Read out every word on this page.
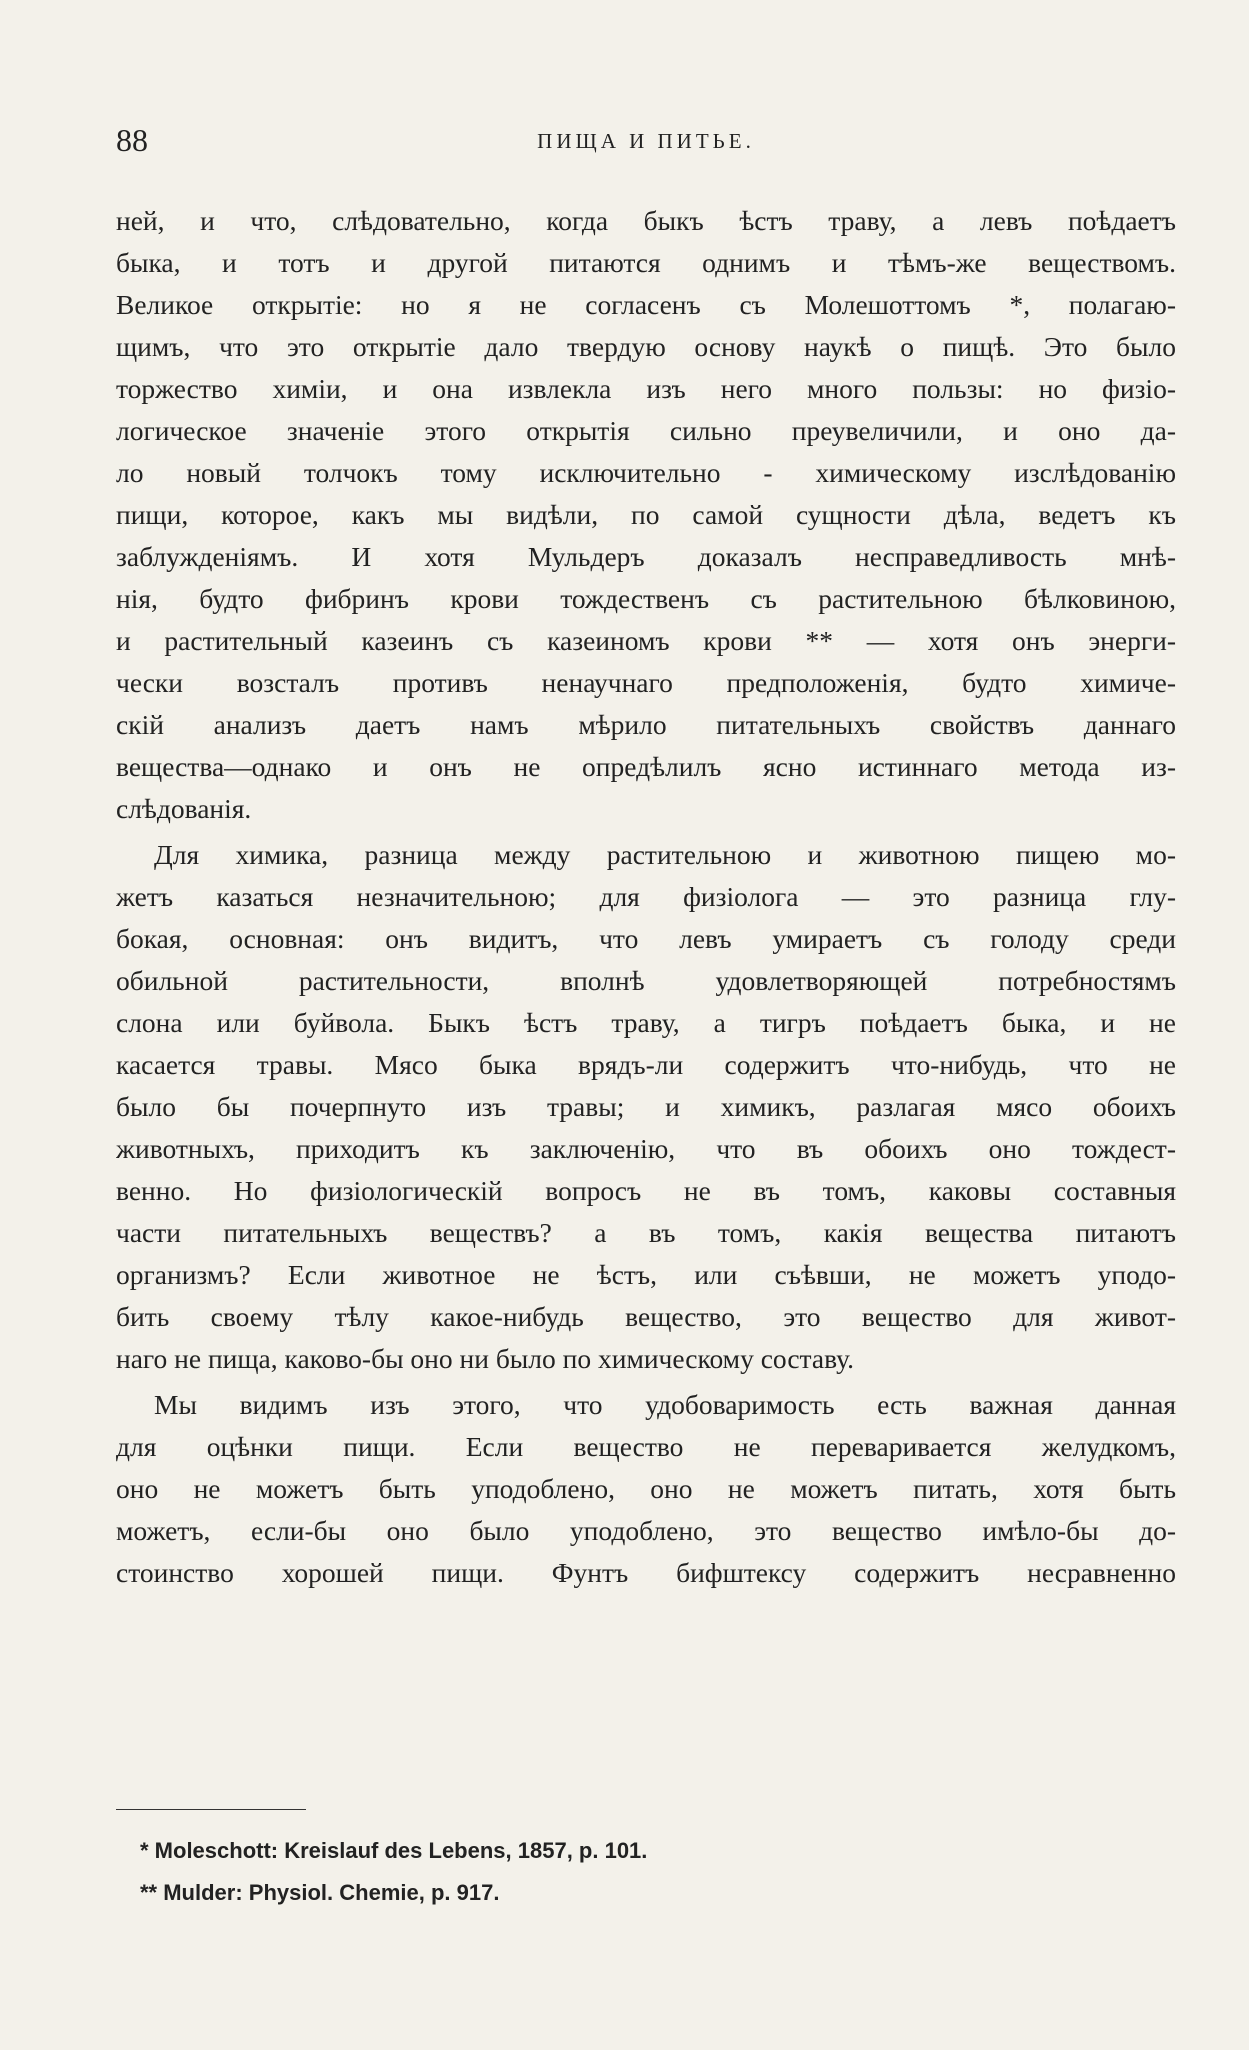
88	ПИЩА И ПИТЬЕ.
ней, и что, слѣдовательно, когда быкъ ѣстъ траву, а левъ поѣдаетъ
быка, и тотъ и другой питаются однимъ и тѣмъ-же веществомъ.
Великое открытіе: но я не согласенъ съ Молешоттомъ *, полагаю-
щимъ, что это открытіе дало твердую основу наукѣ о пищѣ. Это было
торжество химіи, и она извлекла изъ него много пользы: но физіо-
логическое значеніе этого открытія сильно преувеличили, и оно да-
ло новый толчокъ тому исключительно - химическому изслѣдованію
пищи, которое, какъ мы видѣли, по самой сущности дѣла, ведетъ къ
заблужденіямъ. И хотя Мульдеръ доказалъ несправедливость мнѣ-
нія, будто фибринъ крови тождественъ съ растительною бѣлковиною,
и растительный казеинъ съ казеиномъ крови ** — хотя онъ энерги-
чески возсталъ противъ ненаучнаго предположенія, будто химиче-
скій анализъ даетъ намъ мѣрило питательныхъ свойствъ даннаго
вещества—однако и онъ не опредѣлилъ ясно истиннаго метода из-
слѣдованія.
Для химика, разница между растительною и животною пищею мо-
жетъ казаться незначительною; для физіолога — это разница глу-
бокая, основная: онъ видитъ, что левъ умираетъ съ голоду среди
обильной растительности, вполнѣ удовлетворяющей потребностямъ
слона или буйвола. Быкъ ѣстъ траву, а тигръ поѣдаетъ быка, и не
касается травы. Мясо быка врядъ-ли содержитъ что-нибудь, что не
было бы почерпнуто изъ травы; и химикъ, разлагая мясо обоихъ
животныхъ, приходитъ къ заключенію, что въ обоихъ оно тождест-
венно. Но физіологическій вопросъ не въ томъ, каковы составныя
части питательныхъ веществъ? а въ томъ, какія вещества питаютъ
организмъ? Если животное не ѣстъ, или съѣвши, не можетъ уподо-
бить своему тѣлу какое-нибудь вещество, это вещество для живот-
наго не пища, каково-бы оно ни было по химическому составу.
Мы видимъ изъ этого, что удобоваримость есть важная данная
для оцѣнки пищи. Если вещество не переваривается желудкомъ,
оно не можетъ быть уподоблено, оно не можетъ питать, хотя быть
можетъ, если-бы оно было уподоблено, это вещество имѣло-бы до-
стоинство хорошей пищи. Фунтъ бифштексу содержитъ несравненно
* Moleschott: Kreislauf des Lebens, 1857, p. 101.
** Mulder: Physiol. Chemie, p. 917.
